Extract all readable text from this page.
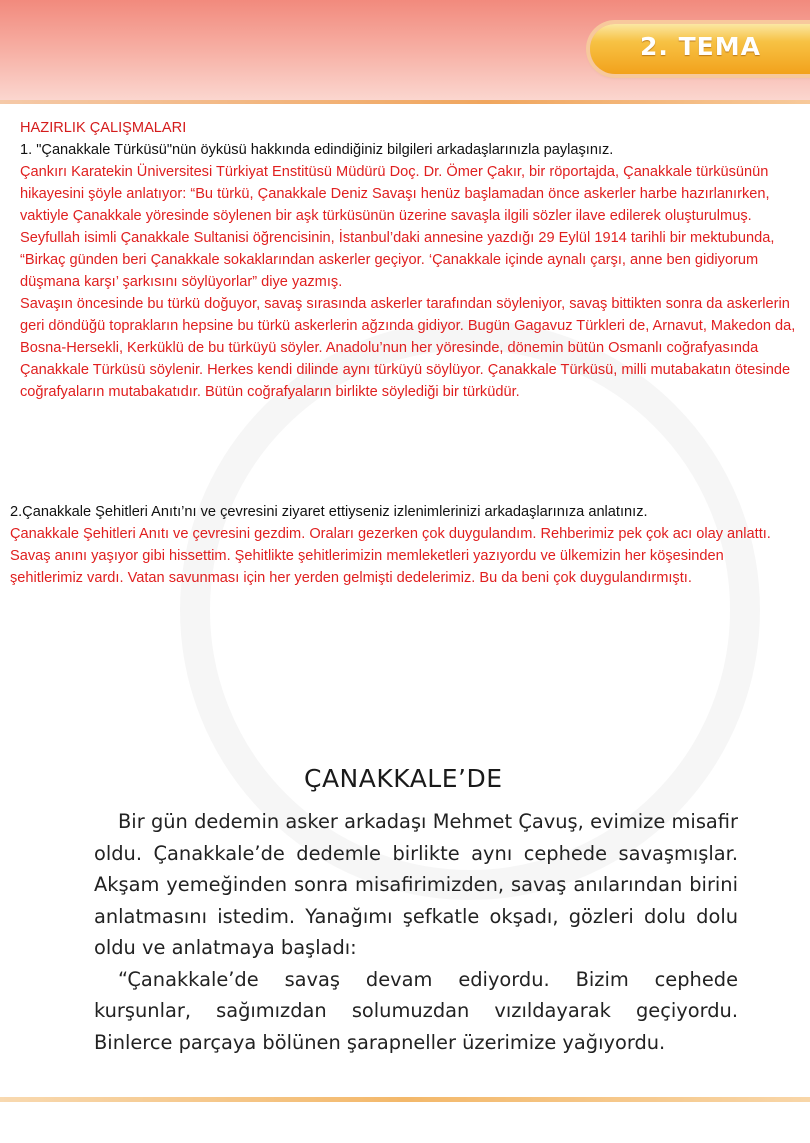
2. TEMA
HAZIRLIK ÇALIŞMALARI
1. "Çanakkale Türküsü"nün öyküsü hakkında edindiğiniz bilgileri arkadaşlarınızla paylaşınız.

Çankırı Karatekin Üniversitesi Türkiyat Enstitüsü Müdürü Doç. Dr. Ömer Çakır, bir röportajda, Çanakkale türküsünün hikayesini şöyle anlatıyor: “Bu türkü, Çanakkale Deniz Savaşı henüz başlamadan önce askerler harbe hazırlanırken, vaktiyle Çanakkale yöresinde söylenen bir aşk türküsünün üzerine savaşla ilgili sözler ilave edilerek oluşturulmuş. Seyfullah isimli Çanakkale Sultanisi öğrencisinin, İstanbul’daki annesine yazdığı 29 Eylül 1914 tarihli bir mektubunda, “Birkaç günden beri Çanakkale sokaklarından askerler geçiyor. ‘Çanakkale içinde aynalı çarşı, anne ben gidiyorum düşmana karşı’ şarkısını söylüyorlar” diye yazmış.

Savaşın öncesinde bu türkü doğuyor, savaş sırasında askerler tarafından söyleniyor, savaş bittikten sonra da askerlerin geri döndüğü toprakların hepsine bu türkü askerlerin ağzında gidiyor. Bugün Gagavuz Türkleri de, Arnavut, Makedon da, Bosna-Hersekli, Kerküklü de bu türküyü söyler. Anadolu’nun her yöresinde, dönemin bütün Osmanlı coğrafyasında Çanakkale Türküsü söylenir. Herkes kendi dilinde aynı türküyü söylüyor. Çanakkale Türküsü, milli mutabakatın ötesinde coğrafyaların mutabakatıdır. Bütün coğrafyaların birlikte söylediği bir türküdür.

2.Çanakkale Şehitleri Anıtı’nı ve çevresini ziyaret ettiyseniz izlenimlerinizi arkadaşlarınıza anlatınız.
Çanakkale Şehitleri Anıtı ve çevresini gezdim. Oraları gezerken çok duygulandım. Rehberimiz pek çok acı olay anlattı. Savaş anını yaşıyor gibi hissettim. Şehitlikte şehitlerimizin memleketleri yazıyordu ve ülkemizin her köşesinden şehitlerimiz vardı. Vatan savunması için her yerden gelmişti dedelerimiz. Bu da beni çok duygulandırmıştı.
ÇANAKKALE’DE

Bir gün dedemin asker arkadaşı Mehmet Çavuş, evimize misafir oldu. Çanakkale’de dedemle birlikte aynı cephede savaşmışlar. Akşam yemeğinden sonra misafirimizden, savaş anılarından birini anlatmasını istedim. Yanağımı şefkatle okşadı, gözleri dolu dolu oldu ve anlatmaya başladı:

“Çanakkale’de savaş devam ediyordu. Bizim cephede kurşunlar, sağımızdan solumuzdan vızıldayarak geçiyordu. Binlerce parçaya bölünen şarapneller üzerimize yağıyordu.
